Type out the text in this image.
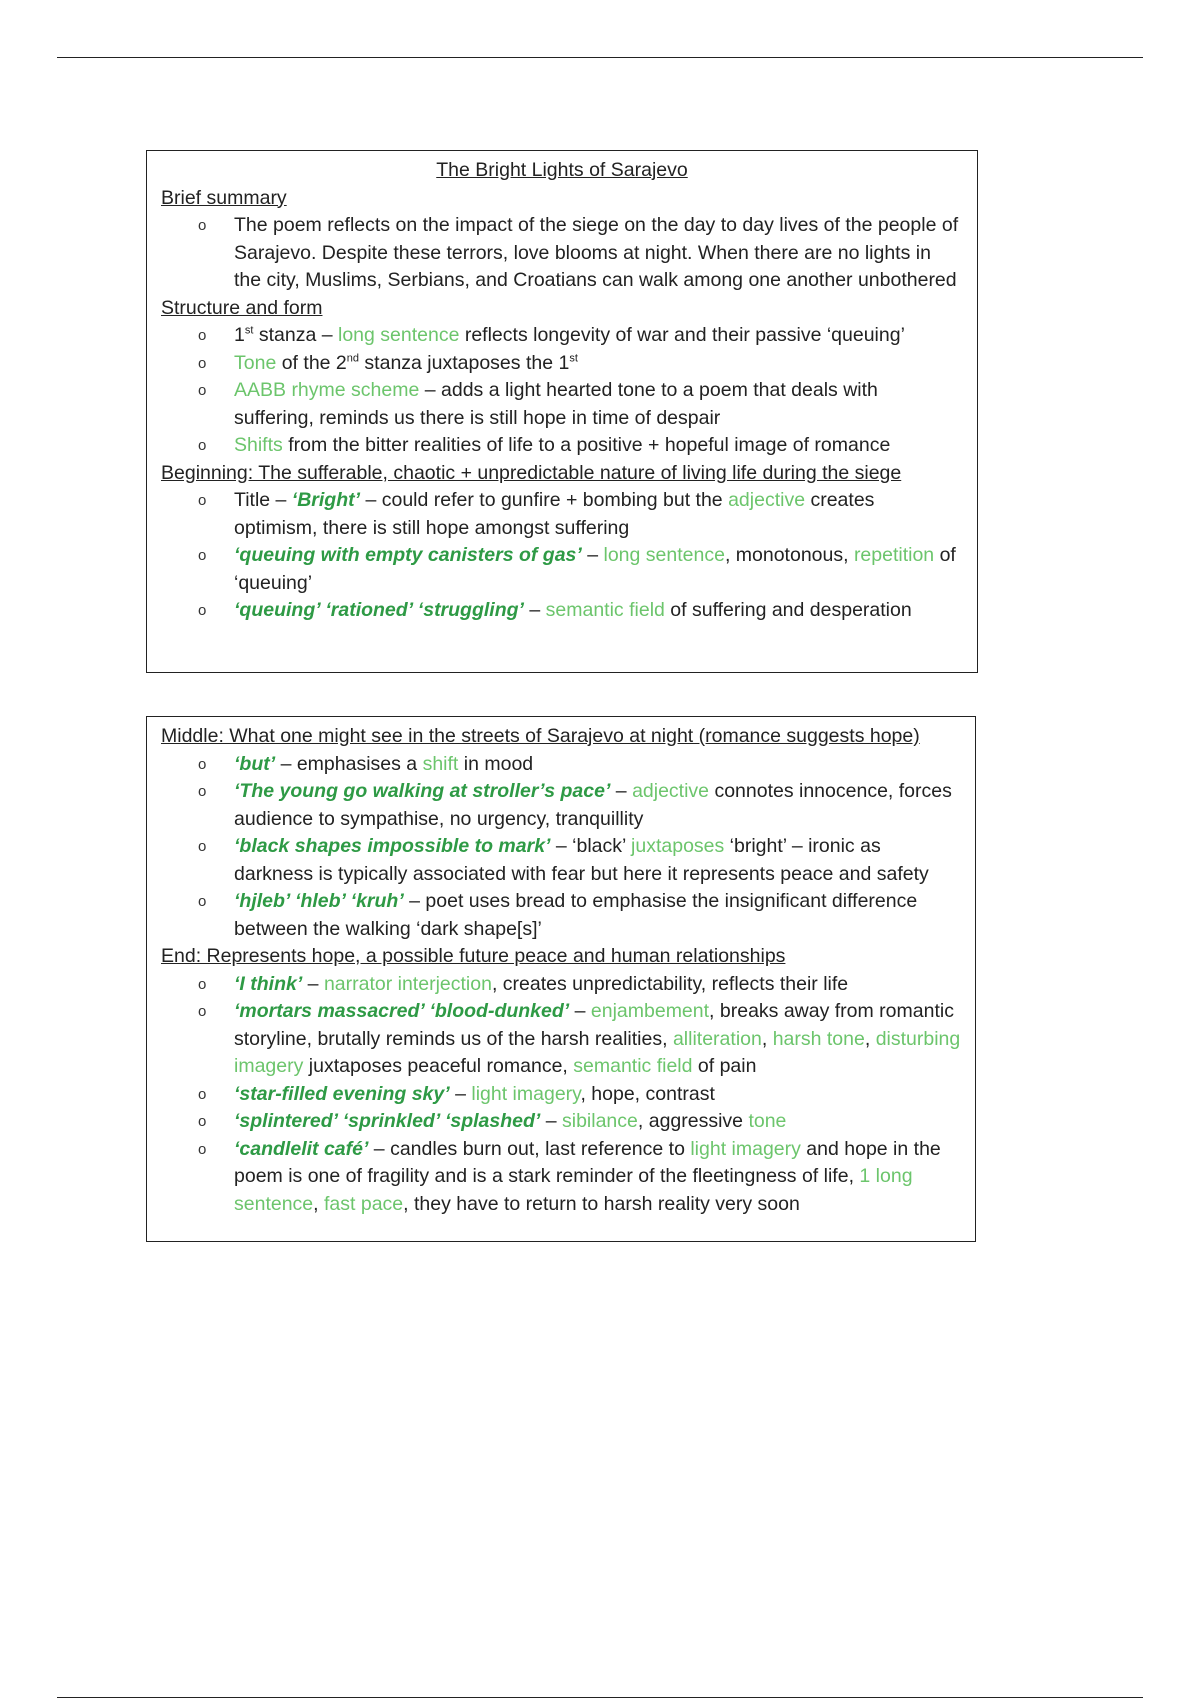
The Bright Lights of Sarajevo

Brief summary

o The poem reflects on the impact of the siege on the day to day lives of the people of Sarajevo. Despite these terrors, love blooms at night. When there are no lights in the city, Muslims, Serbians, and Croatians can walk among one another unbothered

Structure and form

o 1st stanza – long sentence reflects longevity of war and their passive ‘queuing’
o Tone of the 2nd stanza juxtaposes the 1st
o AABB rhyme scheme – adds a light hearted tone to a poem that deals with suffering, reminds us there is still hope in time of despair
o Shifts from the bitter realities of life to a positive + hopeful image of romance

Beginning: The sufferable, chaotic + unpredictable nature of living life during the siege

o Title – ‘Bright’ – could refer to gunfire + bombing but the adjective creates optimism, there is still hope amongst suffering
o ‘queuing with empty canisters of gas’ – long sentence, monotonous, repetition of ‘queuing’
o ‘queuing’ ‘rationed’ ‘struggling’ – semantic field of suffering and desperation

Middle: What one might see in the streets of Sarajevo at night (romance suggests hope)

o ‘but’ – emphasises a shift in mood
o ‘The young go walking at stroller’s pace’ – adjective connotes innocence, forces audience to sympathise, no urgency, tranquillity
o ‘black shapes impossible to mark’ – ‘black’ juxtaposes ‘bright’ – ironic as darkness is typically associated with fear but here it represents peace and safety
o ‘hjleb’ ‘hleb’ ‘kruh’ – poet uses bread to emphasise the insignificant difference between the walking ‘dark shape[s]’

End: Represents hope, a possible future peace and human relationships

o ‘I think’ – narrator interjection, creates unpredictability, reflects their life
o ‘mortars massacred’ ‘blood-dunked’ – enjambement, breaks away from romantic storyline, brutally reminds us of the harsh realities, alliteration, harsh tone, disturbing imagery juxtaposes peaceful romance, semantic field of pain
o ‘star-filled evening sky’ – light imagery, hope, contrast
o ‘splintered’ ‘sprinkled’ ‘splashed’ – sibilance, aggressive tone
o ‘candlelit café’ – candles burn out, last reference to light imagery and hope in the poem is one of fragility and is a stark reminder of the fleetingness of life, 1 long sentence, fast pace, they have to return to harsh reality very soon
